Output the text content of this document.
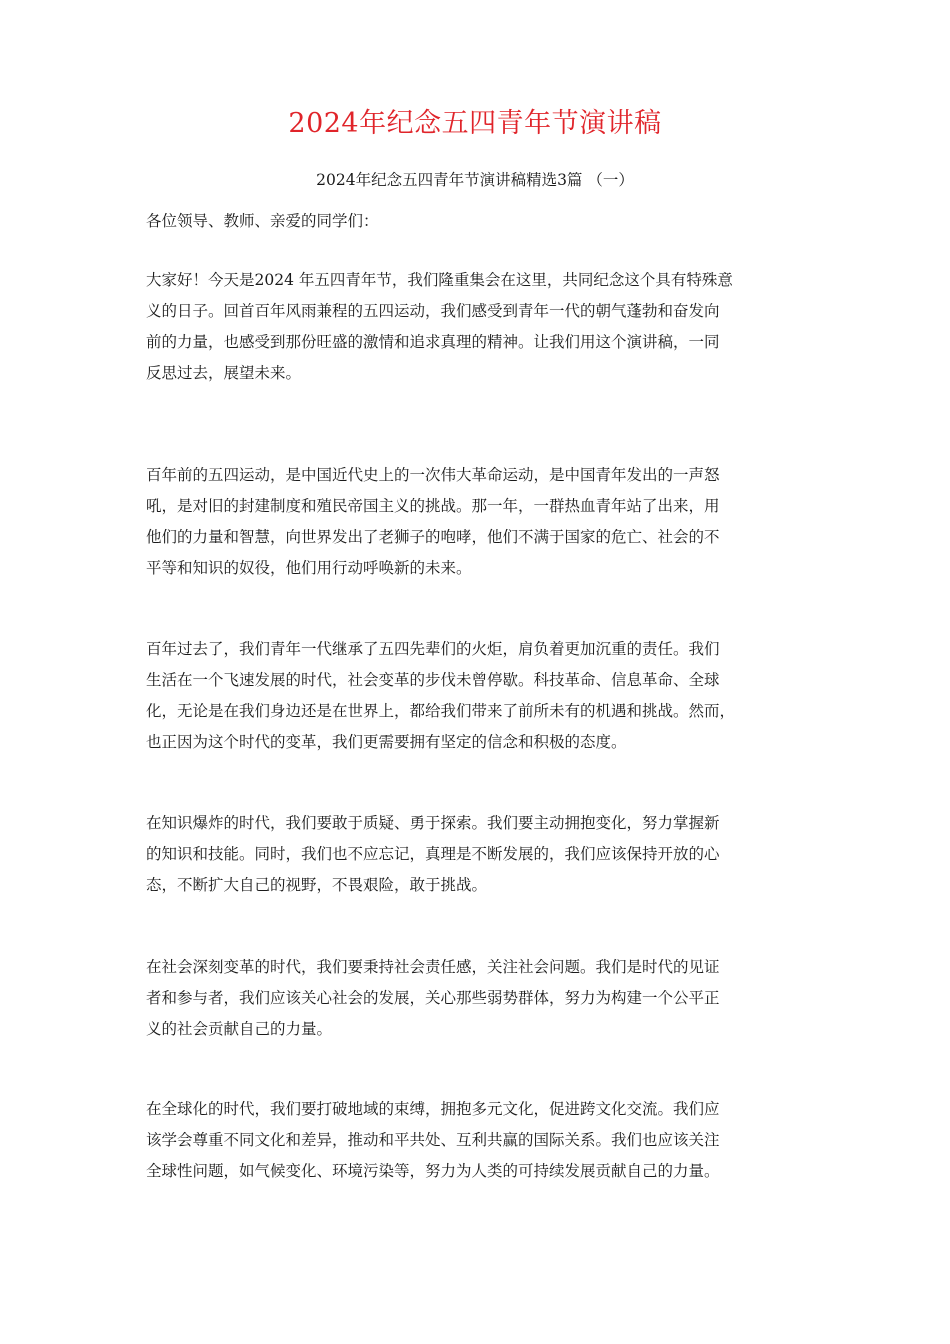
2024年纪念五四青年节演讲稿
2024年纪念五四青年节演讲稿精选3篇 （一）
各位领导、教师、亲爱的同学们：

大家好！今天是2024 年五四青年节，我们隆重集会在这里，共同纪念这个具有特殊意
义的日子。回首百年风雨兼程的五四运动，我们感受到青年一代的朝气蓬勃和奋发向
前的力量，也感受到那份旺盛的激情和追求真理的精神。让我们用这个演讲稿，一同
反思过去，展望未来。

百年前的五四运动，是中国近代史上的一次伟大革命运动，是中国青年发出的一声怒
吼，是对旧的封建制度和殖民帝国主义的挑战。那一年，一群热血青年站了出来，用
他们的力量和智慧，向世界发出了老狮子的咆哮，他们不满于国家的危亡、社会的不
平等和知识的奴役，他们用行动呼唤新的未来。

百年过去了，我们青年一代继承了五四先辈们的火炬，肩负着更加沉重的责任。我们
生活在一个飞速发展的时代，社会变革的步伐未曾停歇。科技革命、信息革命、全球
化，无论是在我们身边还是在世界上，都给我们带来了前所未有的机遇和挑战。然而，
也正因为这个时代的变革，我们更需要拥有坚定的信念和积极的态度。

在知识爆炸的时代，我们要敢于质疑、勇于探索。我们要主动拥抱变化，努力掌握新
的知识和技能。同时，我们也不应忘记，真理是不断发展的，我们应该保持开放的心
态，不断扩大自己的视野，不畏艰险，敢于挑战。

在社会深刻变革的时代，我们要秉持社会责任感，关注社会问题。我们是时代的见证
者和参与者，我们应该关心社会的发展，关心那些弱势群体，努力为构建一个公平正
义的社会贡献自己的力量。

在全球化的时代，我们要打破地域的束缚，拥抱多元文化，促进跨文化交流。我们应
该学会尊重不同文化和差异，推动和平共处、互利共赢的国际关系。我们也应该关注
全球性问题，如气候变化、环境污染等，努力为人类的可持续发展贡献自己的力量。
